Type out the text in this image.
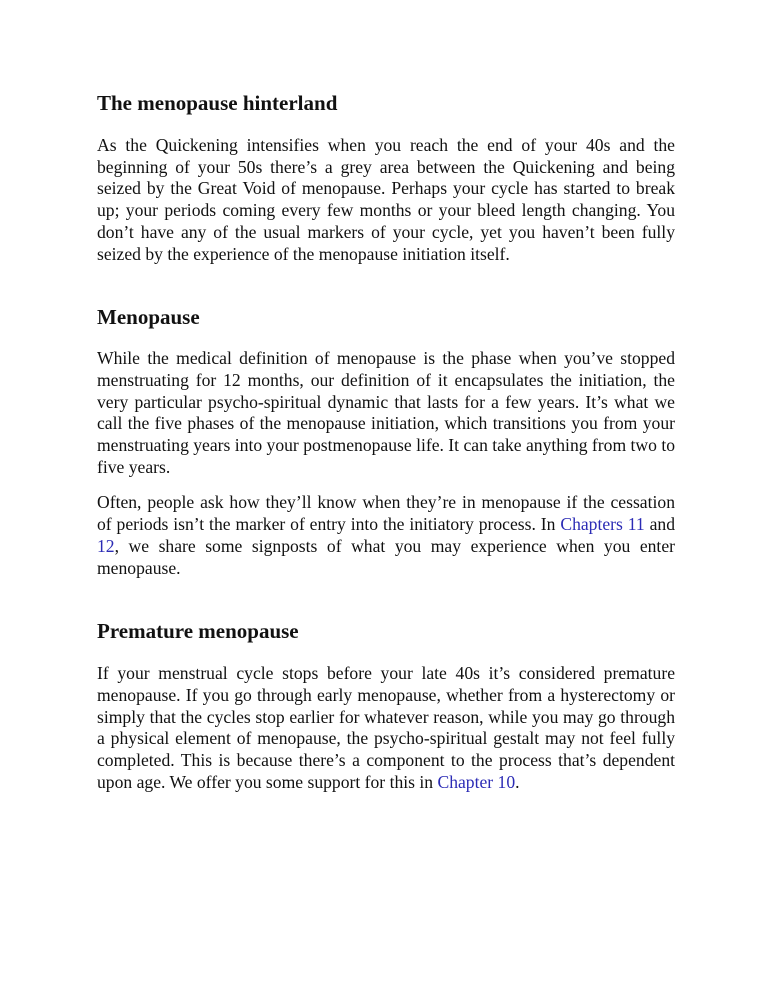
The menopause hinterland

As the Quickening intensifies when you reach the end of your 40s and the beginning of your 50s there’s a grey area between the Quickening and being seized by the Great Void of menopause. Perhaps your cycle has started to break up; your periods coming every few months or your bleed length changing. You don’t have any of the usual markers of your cycle, yet you haven’t been fully seized by the experience of the menopause initiation itself.

Menopause

While the medical definition of menopause is the phase when you’ve stopped menstruating for 12 months, our definition of it encapsulates the initiation, the very particular psycho-spiritual dynamic that lasts for a few years. It’s what we call the five phases of the menopause initiation, which transitions you from your menstruating years into your postmenopause life. It can take anything from two to five years.

Often, people ask how they’ll know when they’re in menopause if the cessation of periods isn’t the marker of entry into the initiatory process. In Chapters 11 and 12, we share some signposts of what you may experience when you enter menopause.

Premature menopause

If your menstrual cycle stops before your late 40s it’s considered premature menopause. If you go through early menopause, whether from a hysterectomy or simply that the cycles stop earlier for whatever reason, while you may go through a physical element of menopause, the psycho-spiritual gestalt may not feel fully completed. This is because there’s a component to the process that’s dependent upon age. We offer you some support for this in Chapter 10.
